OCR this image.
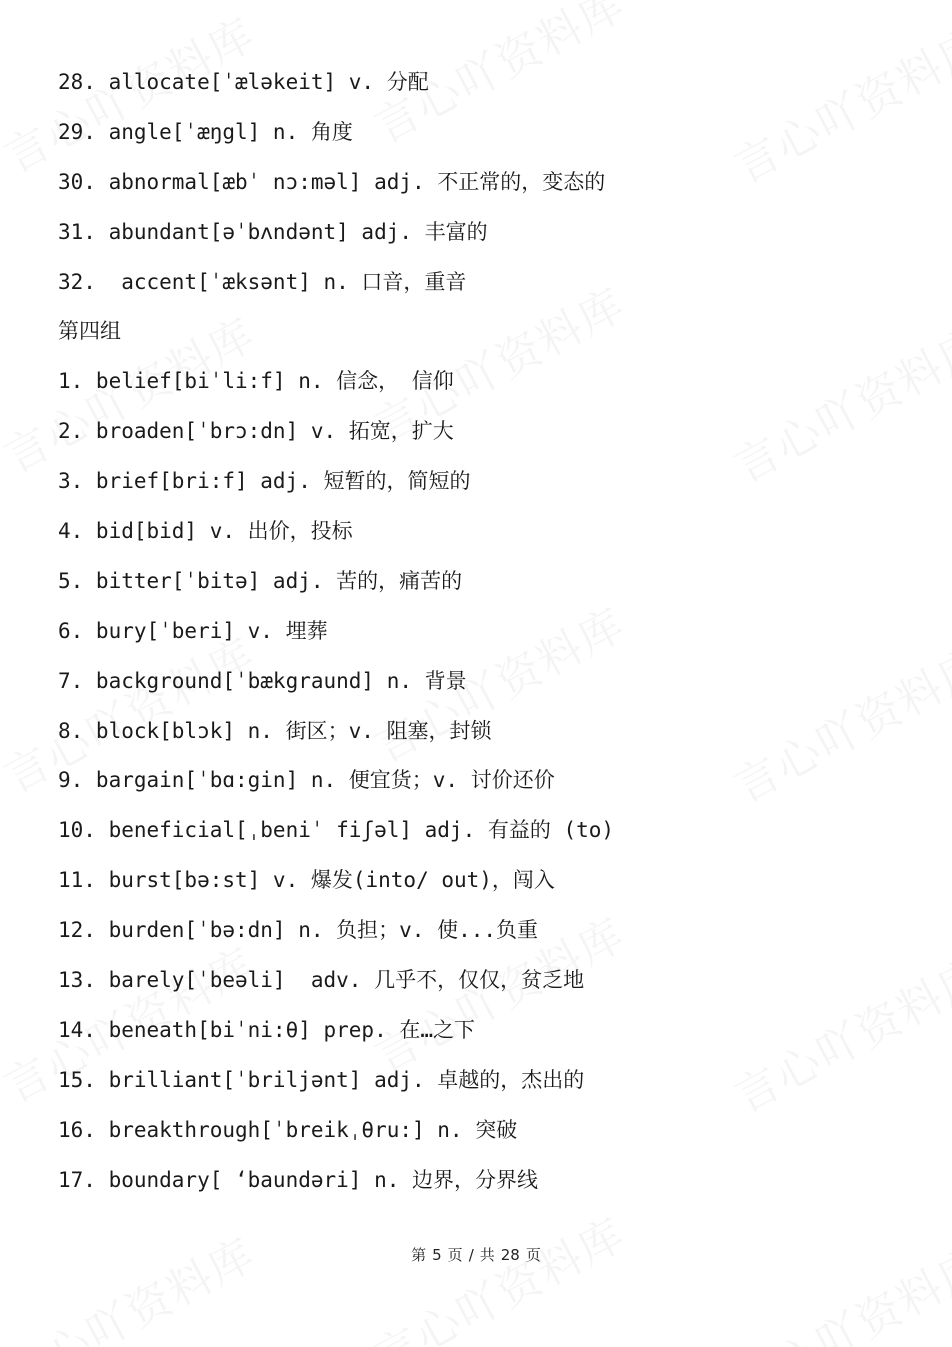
28. allocate[ˈæləkeit] v. 分配
29. angle[ˈæŋgl] n. 角度
30. abnormal[æbˈ nɔ:məl] adj. 不正常的，变态的
31. abundant[əˈbʌndənt] adj. 丰富的
32.  accent[ˈæksənt] n. 口音，重音
第四组
1. belief[biˈli:f] n. 信念， 信仰
2. broaden[ˈbrɔ:dn] v. 拓宽，扩大
3. brief[bri:f] adj. 短暂的，简短的
4. bid[bid] v. 出价，投标
5. bitter[ˈbitə] adj. 苦的，痛苦的
6. bury[ˈberi] v. 埋葬
7. background[ˈbækgraund] n. 背景
8. block[blɔk] n. 街区；v. 阻塞，封锁
9. bargain[ˈbɑ:gin] n. 便宜货；v. 讨价还价
10. beneficial[ˌbeniˈ fiʃəl] adj. 有益的 (to)
11. burst[bə:st] v. 爆发(into/ out)，闯入
12. burden[ˈbə:dn] n. 负担；v. 使...负重
13. barely[ˈbeəli]  adv. 几乎不，仅仅，贫乏地
14. beneath[biˈni:θ] prep. 在…之下
15. brilliant[ˈbriljənt] adj. 卓越的，杰出的
16. breakthrough[ˈbreikˌθru:] n. 突破
17. boundary[ ‘baundəri] n. 边界，分界线
第 5 页 / 共 28 页
